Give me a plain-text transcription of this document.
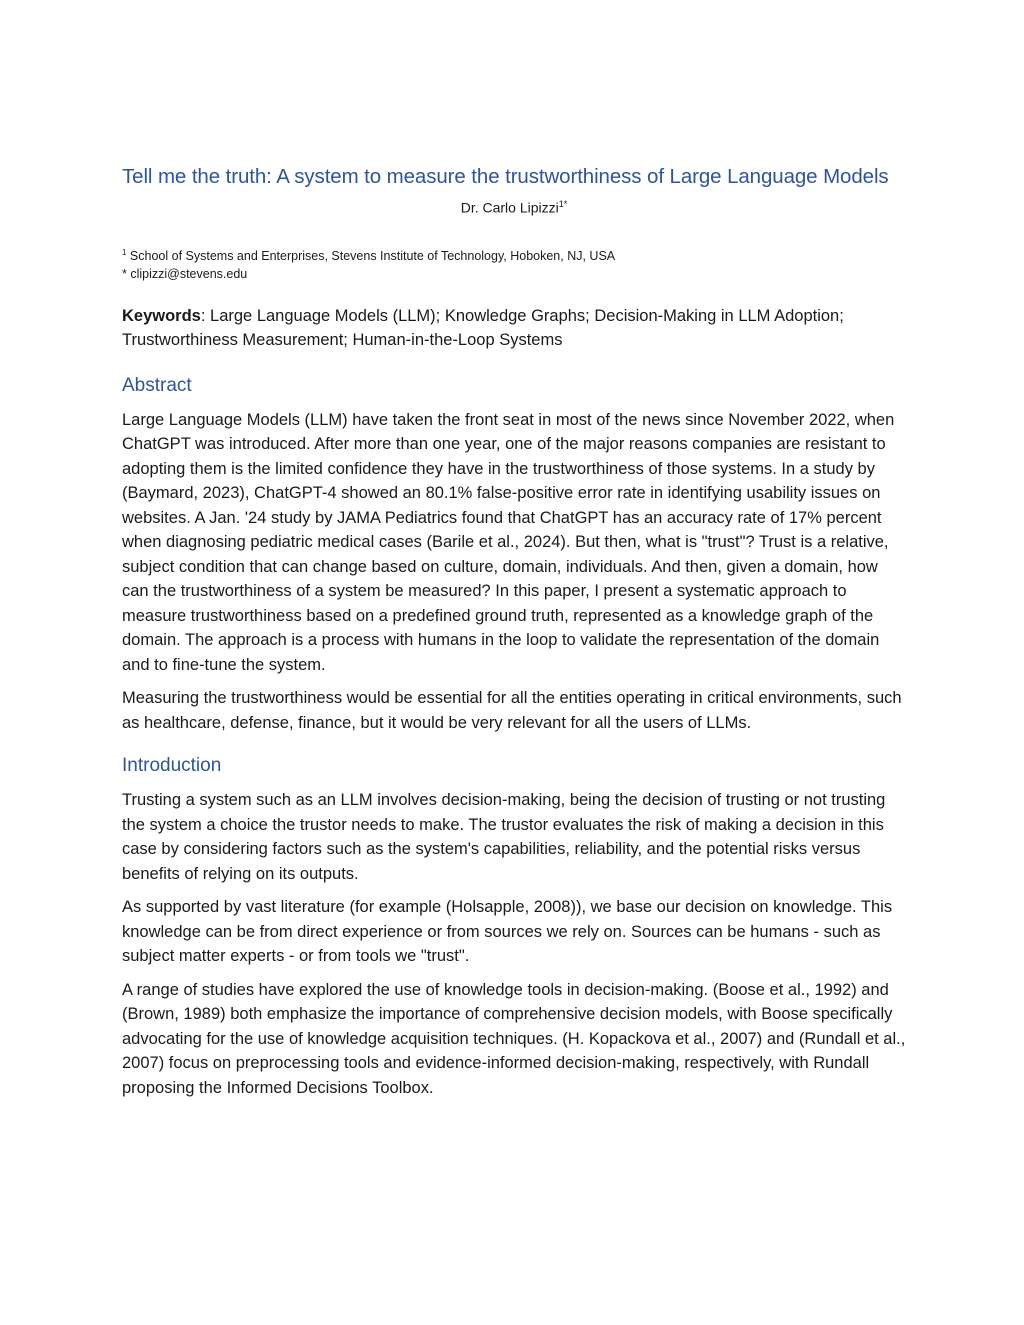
Tell me the truth: A system to measure the trustworthiness of Large Language Models
Dr. Carlo Lipizzi$^{1*}$
$^1$ School of Systems and Enterprises, Stevens Institute of Technology, Hoboken, NJ, USA
* clipizzi@stevens.edu
Keywords: Large Language Models (LLM); Knowledge Graphs; Decision-Making in LLM Adoption; Trustworthiness Measurement; Human-in-the-Loop Systems
Abstract

Large Language Models (LLM) have taken the front seat in most of the news since November 2022, when ChatGPT was introduced. After more than one year, one of the major reasons companies are resistant to adopting them is the limited confidence they have in the trustworthiness of those systems. In a study by (Baymard, 2023), ChatGPT-4 showed an 80.1% false-positive error rate in identifying usability issues on websites. A Jan. '24 study by JAMA Pediatrics found that ChatGPT has an accuracy rate of 17% percent when diagnosing pediatric medical cases (Barile et al., 2024). But then, what is "trust"? Trust is a relative, subject condition that can change based on culture, domain, individuals. And then, given a domain, how can the trustworthiness of a system be measured? In this paper, I present a systematic approach to measure trustworthiness based on a predefined ground truth, represented as a knowledge graph of the domain. The approach is a process with humans in the loop to validate the representation of the domain and to fine-tune the system.

Measuring the trustworthiness would be essential for all the entities operating in critical environments, such as healthcare, defense, finance, but it would be very relevant for all the users of LLMs.

Introduction

Trusting a system such as an LLM involves decision-making, being the decision of trusting or not trusting the system a choice the trustor needs to make. The trustor evaluates the risk of making a decision in this case by considering factors such as the system's capabilities, reliability, and the potential risks versus benefits of relying on its outputs.

As supported by vast literature (for example (Holsapple, 2008)), we base our decision on knowledge. This knowledge can be from direct experience or from sources we rely on. Sources can be humans - such as subject matter experts - or from tools we "trust".

A range of studies have explored the use of knowledge tools in decision-making. (Boose et al., 1992) and (Brown, 1989) both emphasize the importance of comprehensive decision models, with Boose specifically advocating for the use of knowledge acquisition techniques. (H. Kopackova et al., 2007) and (Rundall et al., 2007) focus on preprocessing tools and evidence-informed decision-making, respectively, with Rundall proposing the Informed Decisions Toolbox.
